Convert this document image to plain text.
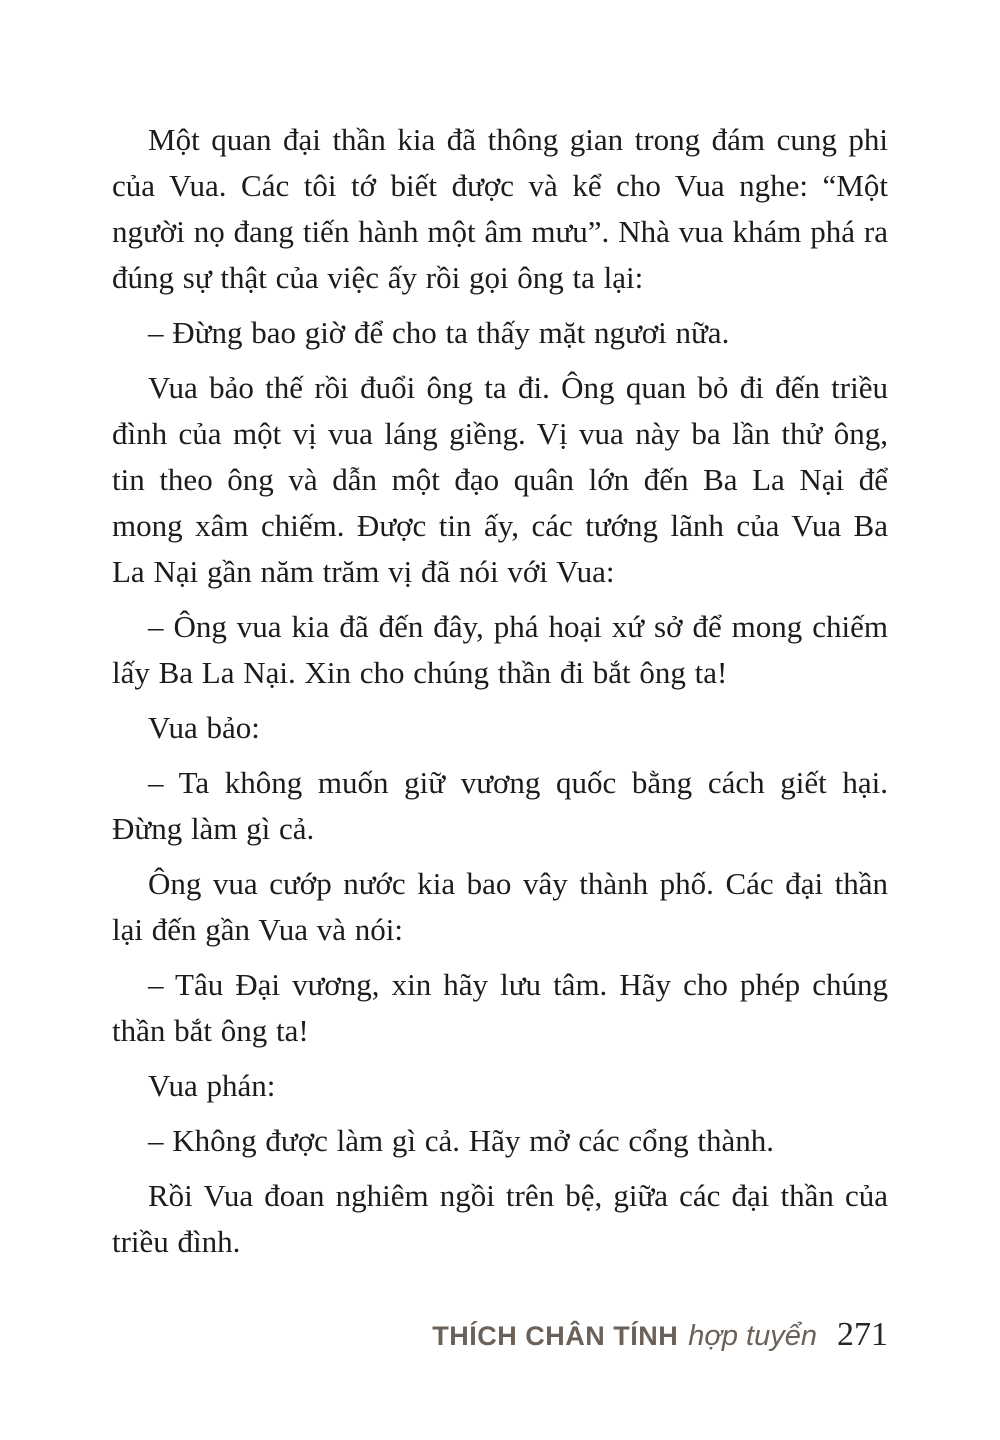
Một quan đại thần kia đã thông gian trong đám cung phi của Vua. Các tôi tớ biết được và kể cho Vua nghe: “Một người nọ đang tiến hành một âm mưu”. Nhà vua khám phá ra đúng sự thật của việc ấy rồi gọi ông ta lại:

– Đừng bao giờ để cho ta thấy mặt ngươi nữa.

Vua bảo thế rồi đuổi ông ta đi. Ông quan bỏ đi đến triều đình của một vị vua láng giềng. Vị vua này ba lần thử ông, tin theo ông và dẫn một đạo quân lớn đến Ba La Nại để mong xâm chiếm. Được tin ấy, các tướng lãnh của Vua Ba La Nại gần năm trăm vị đã nói với Vua:

– Ông vua kia đã đến đây, phá hoại xứ sở để mong chiếm lấy Ba La Nại. Xin cho chúng thần đi bắt ông ta!

Vua bảo:

– Ta không muốn giữ vương quốc bằng cách giết hại. Đừng làm gì cả.

Ông vua cướp nước kia bao vây thành phố. Các đại thần lại đến gần Vua và nói:

– Tâu Đại vương, xin hãy lưu tâm. Hãy cho phép chúng thần bắt ông ta!

Vua phán:

– Không được làm gì cả. Hãy mở các cổng thành.

Rồi Vua đoan nghiêm ngồi trên bệ, giữa các đại thần của triều đình.

THÍCH CHÂN TÍNH hợp tuyển 271
